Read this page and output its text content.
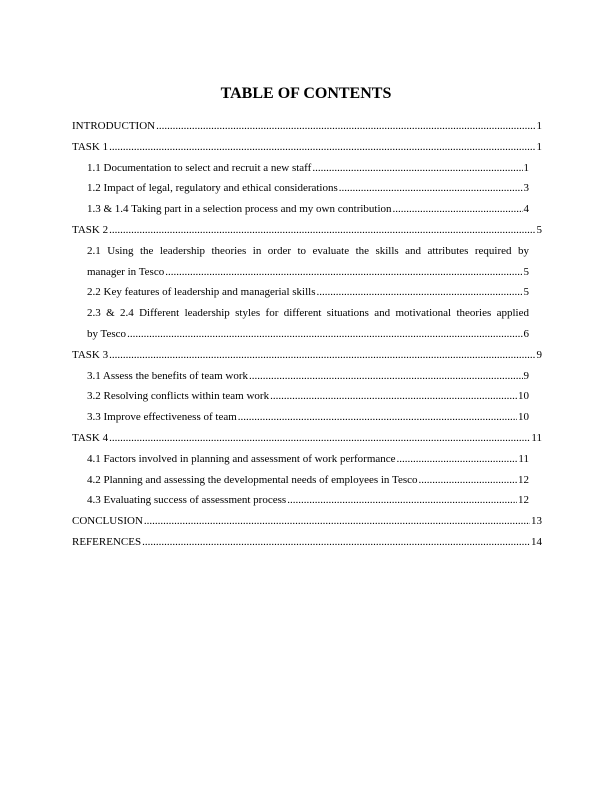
TABLE OF CONTENTS
INTRODUCTION .....	1
TASK 1 .....	1
1.1 Documentation to select and recruit a new staff .....	1
1.2 Impact of legal, regulatory and ethical considerations .....	3
1.3 & 1.4 Taking part in a selection process and my own contribution .....	4
TASK 2 .....	5
2.1 Using the leadership theories in order to evaluate the skills and attributes required by
manager in Tesco .....	5
2.2 Key features of leadership and managerial skills .....	5
2.3 & 2.4 Different leadership styles for different situations and motivational theories applied
by Tesco .....	6
TASK 3 .....	9
3.1 Assess the benefits of team work .....	9
3.2 Resolving conflicts within team work .....	10
3.3 Improve effectiveness of team .....	10
TASK 4 .....	11
4.1 Factors involved in planning and assessment of work performance .....	11
4.2 Planning and assessing the developmental needs of employees in Tesco .....	12
4.3 Evaluating success of assessment process .....	12
CONCLUSION .....	13
REFERENCES .....	14
